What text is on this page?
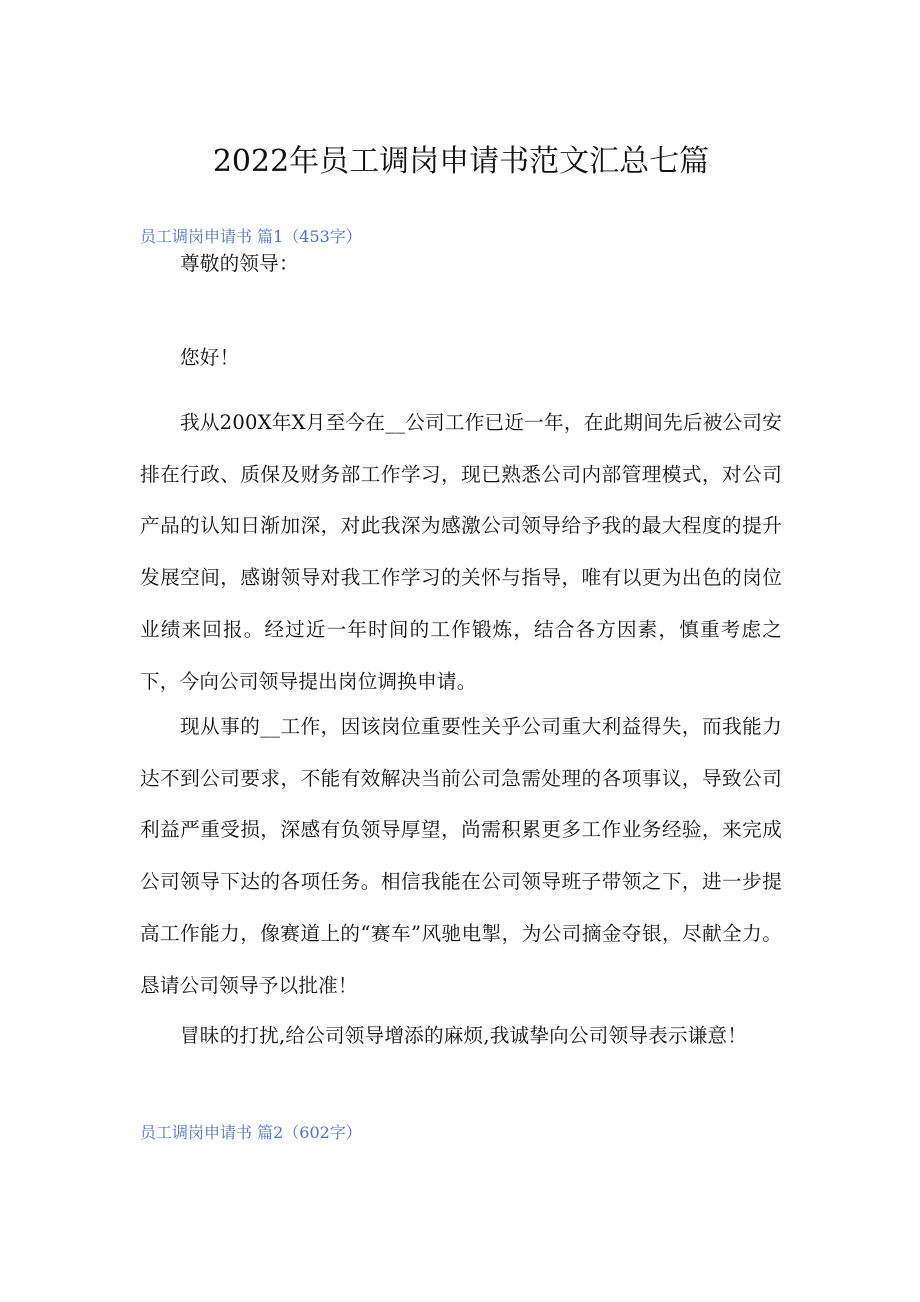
2022年员工调岗申请书范文汇总七篇
员工调岗申请书 篇1（453字）

尊敬的领导：

您好！

我从200X年X月至今在__公司工作已近一年，在此期间先后被公司安排在行政、质保及财务部工作学习，现已熟悉公司内部管理模式，对公司产品的认知日渐加深，对此我深为感激公司领导给予我的最大程度的提升发展空间，感谢领导对我工作学习的关怀与指导，唯有以更为出色的岗位业绩来回报。经过近一年时间的工作锻炼，结合各方因素，慎重考虑之下，今向公司领导提出岗位调换申请。

现从事的__工作，因该岗位重要性关乎公司重大利益得失，而我能力达不到公司要求，不能有效解决当前公司急需处理的各项事议，导致公司利益严重受损，深感有负领导厚望，尚需积累更多工作业务经验，来完成公司领导下达的各项任务。相信我能在公司领导班子带领之下，进一步提高工作能力，像赛道上的“赛车”风驰电掣，为公司摘金夺银，尽献全力。恳请公司领导予以批准！

冒昧的打扰,给公司领导增添的麻烦,我诚挚向公司领导表示谦意！

员工调岗申请书 篇2（602字）
